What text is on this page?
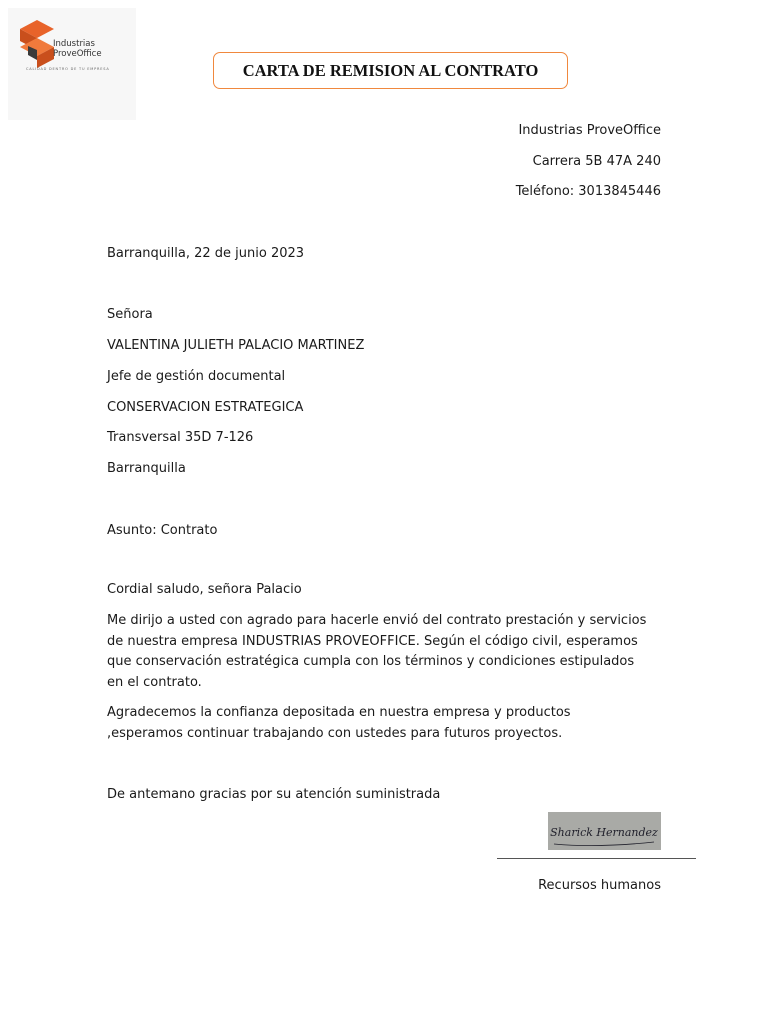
Industrias
ProveOffice
CALIDAD DENTRO DE TU EMPRESA	CARTA DE REMISION AL CONTRATO
Industrias ProveOffice
Carrera 5B 47A 240
Teléfono: 3013845446
Barranquilla, 22 de junio 2023
Señora
VALENTINA JULIETH PALACIO MARTINEZ
Jefe de gestión documental
CONSERVACION ESTRATEGICA
Transversal 35D 7-126
Barranquilla
Asunto: Contrato
Cordial saludo, señora Palacio
Me dirijo a usted con agrado para hacerle envió del contrato prestación y servicios de nuestra empresa INDUSTRIAS PROVEOFFICE. Según el código civil, esperamos que conservación estratégica cumpla con los términos y condiciones estipulados en el contrato.
Agradecemos la confianza depositada en nuestra empresa y productos ,esperamos continuar trabajando con ustedes para futuros proyectos.
De antemano gracias por su atención suministrada
Sharick Hernandez
Recursos humanos
